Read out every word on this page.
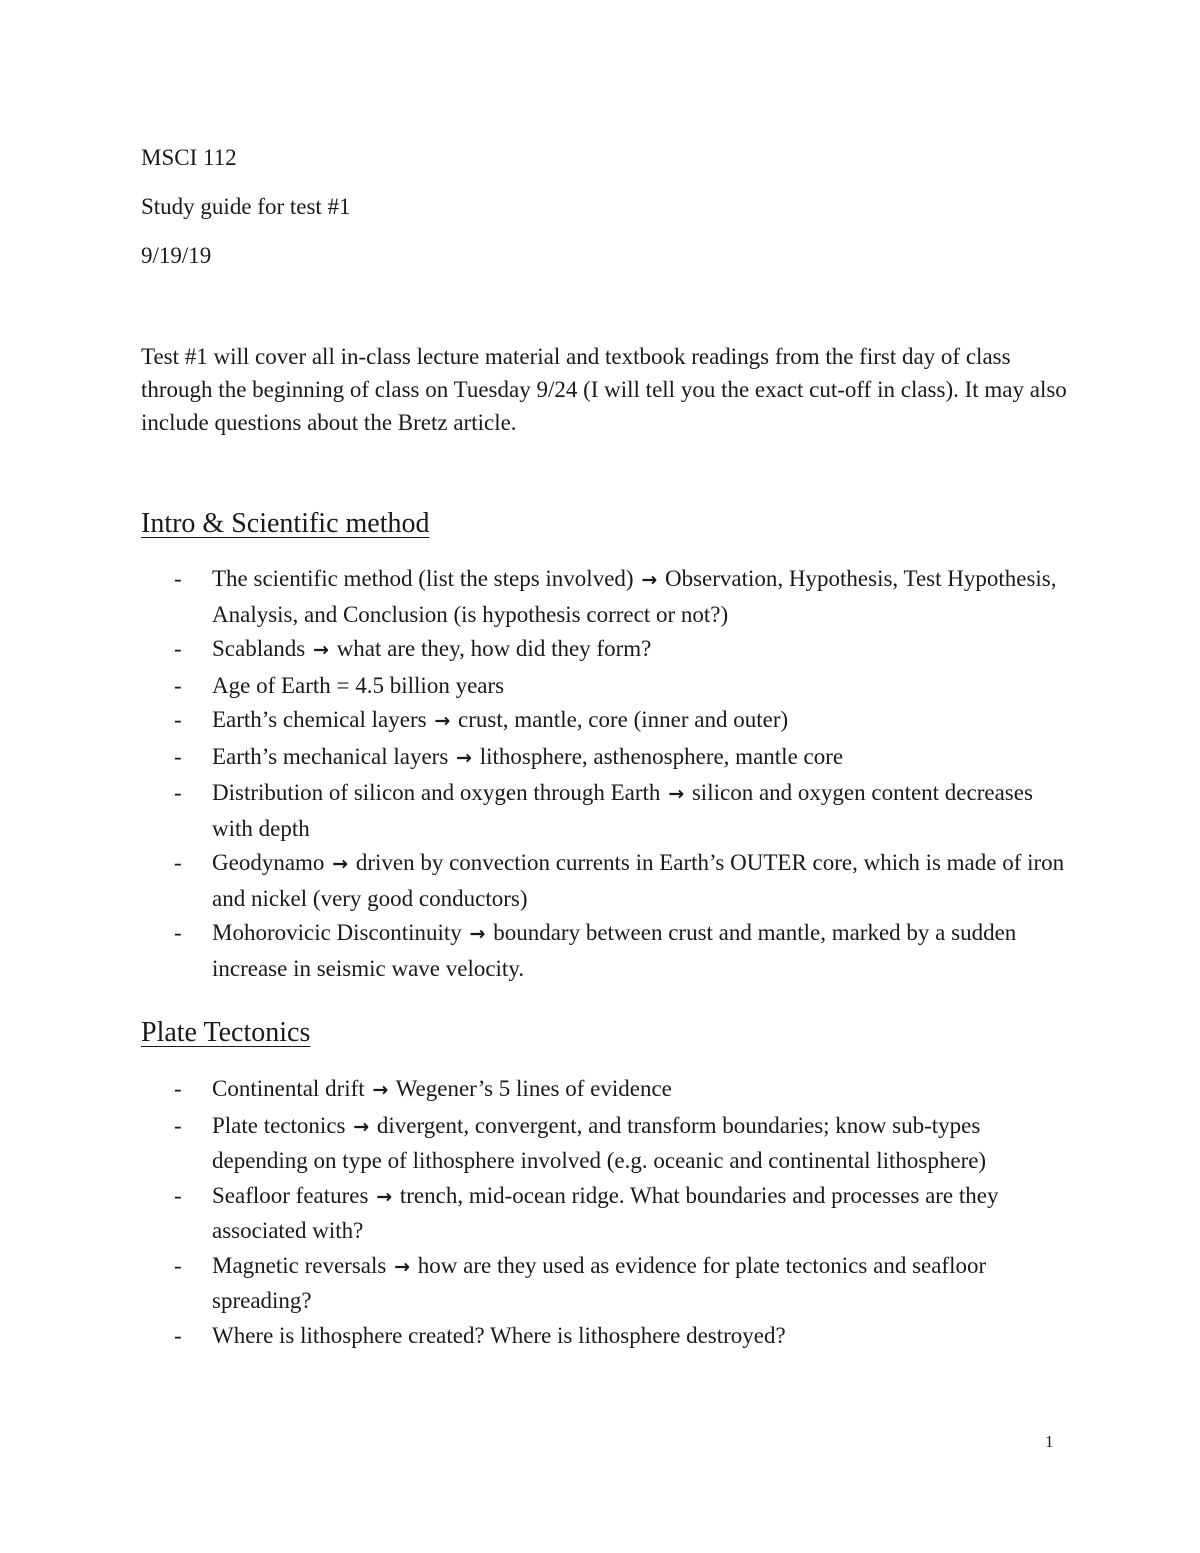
MSCI 112
Study guide for test #1
9/19/19
Test #1 will cover all in-class lecture material and textbook readings from the first day of class through the beginning of class on Tuesday 9/24 (I will tell you the exact cut-off in class). It may also include questions about the Bretz article.
Intro & Scientific method
- The scientific method (list the steps involved) → Observation, Hypothesis, Test Hypothesis, Analysis, and Conclusion (is hypothesis correct or not?)
- Scablands → what are they, how did they form?
- Age of Earth = 4.5 billion years
- Earth’s chemical layers → crust, mantle, core (inner and outer)
- Earth’s mechanical layers → lithosphere, asthenosphere, mantle core
- Distribution of silicon and oxygen through Earth → silicon and oxygen content decreases with depth
- Geodynamo → driven by convection currents in Earth’s OUTER core, which is made of iron and nickel (very good conductors)
- Mohorovicic Discontinuity → boundary between crust and mantle, marked by a sudden increase in seismic wave velocity.
Plate Tectonics
- Continental drift → Wegener’s 5 lines of evidence
- Plate tectonics → divergent, convergent, and transform boundaries; know sub-types depending on type of lithosphere involved (e.g. oceanic and continental lithosphere)
- Seafloor features → trench, mid-ocean ridge. What boundaries and processes are they associated with?
- Magnetic reversals → how are they used as evidence for plate tectonics and seafloor spreading?
- Where is lithosphere created? Where is lithosphere destroyed?
1
